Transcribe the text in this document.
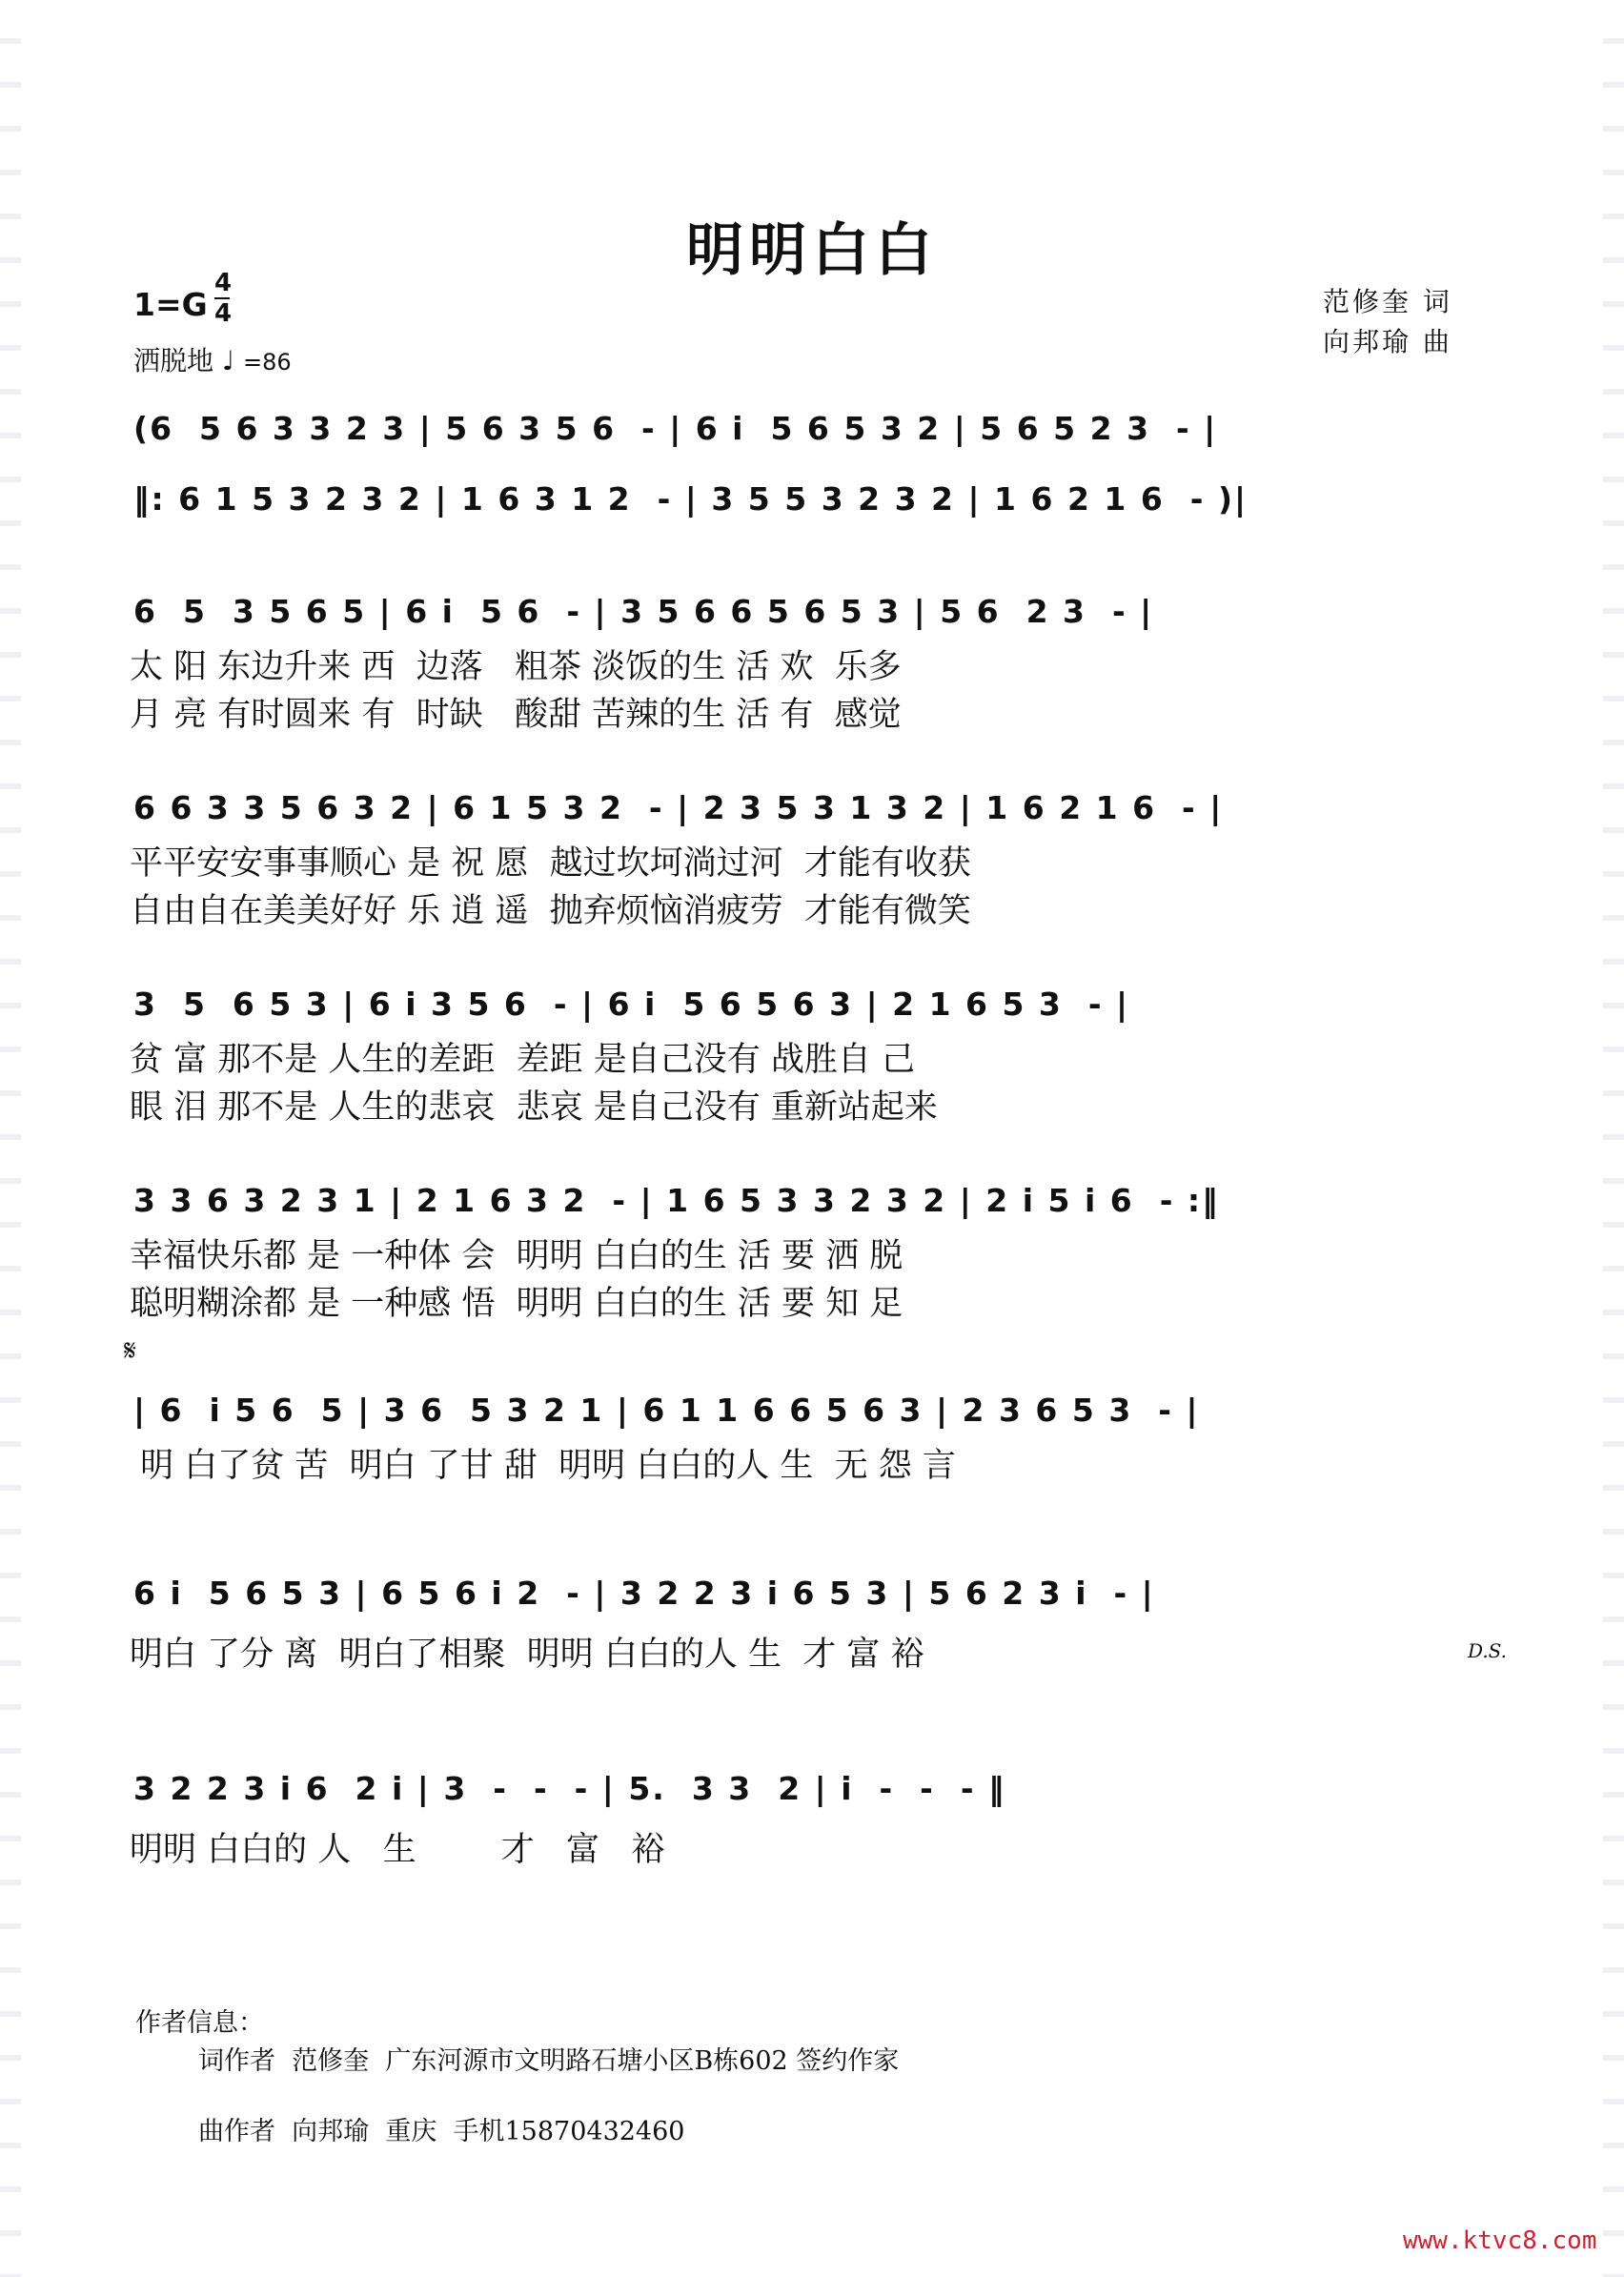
明明白白
1=G
4
4
洒脱地 ♩ =86
范修奎 词
向邦瑜 曲
(6  5 6 3 3 2 3 | 5 6 3 5 6  - | 6 i  5 6 5 3 2 | 5 6 5 2 3  - |
‖: 6 1 5 3 2 3 2 | 1 6 3 1 2  - | 3 5 5 3 2 3 2 | 1 6 2 1 6  - )|
6  5  3 5 6 5 | 6 i  5 6  - | 3 5 6 6 5 6 5 3 | 5 6  2 3  - |
太 阳 东边升来 西  边落   粗茶 淡饭的生 活 欢  乐多
月 亮 有时圆来 有  时缺   酸甜 苦辣的生 活 有  感觉
6 6 3 3 5 6 3 2 | 6 1 5 3 2  - | 2 3 5 3 1 3 2 | 1 6 2 1 6  - |
平平安安事事顺心 是 祝 愿  越过坎坷淌过河  才能有收获
自由自在美美好好 乐 逍 遥  抛弃烦恼消疲劳  才能有微笑
3  5  6 5 3 | 6 i 3 5 6  - | 6 i  5 6 5 6 3 | 2 1 6 5 3  - |
贫 富 那不是 人生的差距  差距 是自己没有 战胜自 己
眼 泪 那不是 人生的悲哀  悲哀 是自己没有 重新站起来
3 3 6 3 2 3 1 | 2 1 6 3 2  - | 1 6 5 3 3 2 3 2 | 2 i 5 i 6  - :‖
幸福快乐都 是 一种体 会  明明 白白的生 活 要 洒 脱
聪明糊涂都 是 一种感 悟  明明 白白的生 活 要 知 足
𝄋
| 6  i 5 6  5 | 3 6  5 3 2 1 | 6 1 1 6 6 5 6 3 | 2 3 6 5 3  - |
明 白了贫 苦  明白 了甘 甜  明明 白白的人 生  无 怨 言
6 i  5 6 5 3 | 6 5 6 i 2  - | 3 2 2 3 i 6 5 3 | 5 6 2 3 i  - |
明白 了分 离  明白了相聚  明明 白白的人 生  才 富 裕	D.S.
3 2 2 3 i 6  2 i | 3  -  -  - | 5.  3 3  2 | i  -  -  - ‖
明明 白白的 人   生        才   富   裕
作者信息：
词作者  范修奎  广东河源市文明路石塘小区B栋602 签约作家
曲作者  向邦瑜  重庆  手机15870432460
www.ktvc8.com
